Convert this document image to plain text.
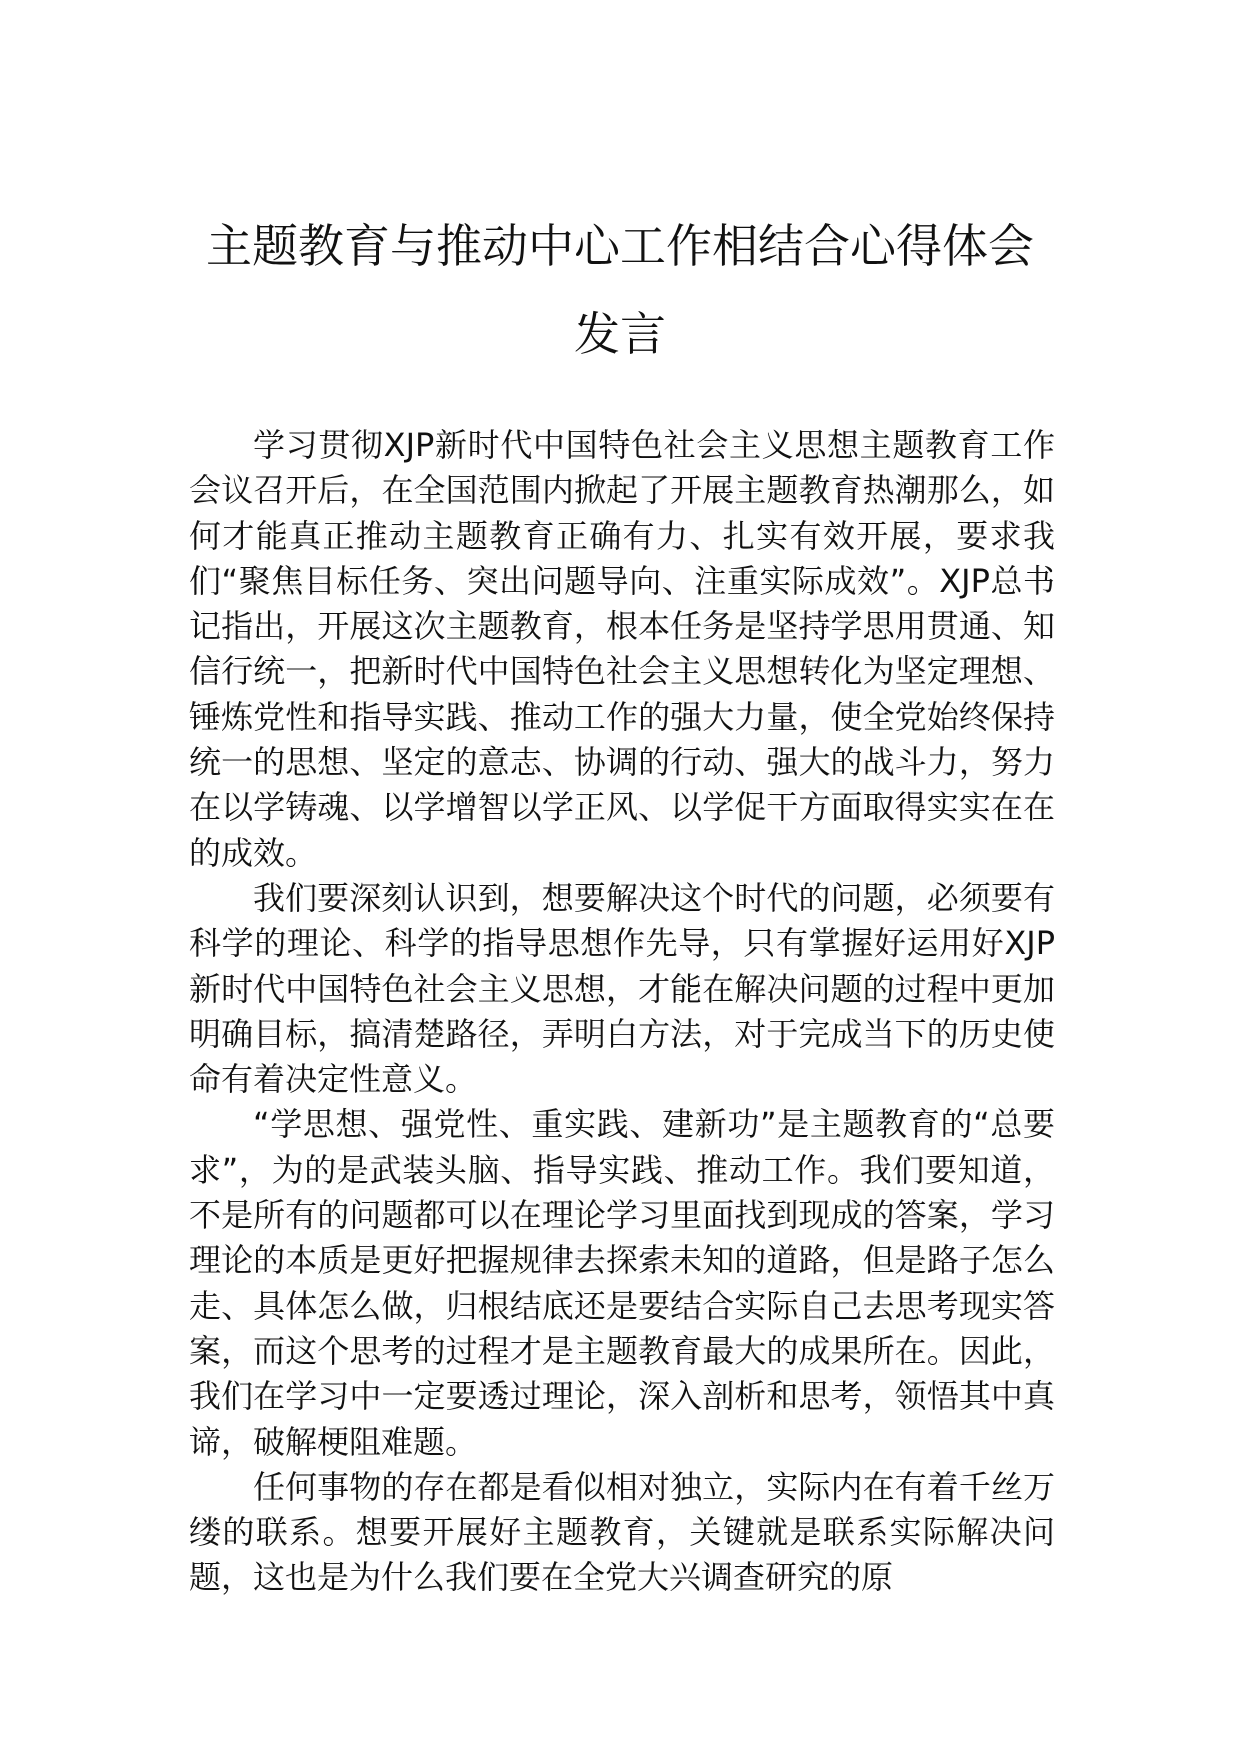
主题教育与推动中心工作相结合心得体会
发言

学习贯彻XJP新时代中国特色社会主义思想主题教育工作会议召开后，在全国范围内掀起了开展主题教育热潮那么，如何才能真正推动主题教育正确有力、扎实有效开展，要求我们“聚焦目标任务、突出问题导向、注重实际成效”。XJP总书记指出，开展这次主题教育，根本任务是坚持学思用贯通、知信行统一，把新时代中国特色社会主义思想转化为坚定理想、锤炼党性和指导实践、推动工作的强大力量，使全党始终保持统一的思想、坚定的意志、协调的行动、强大的战斗力，努力在以学铸魂、以学增智以学正风、以学促干方面取得实实在在的成效。

我们要深刻认识到，想要解决这个时代的问题，必须要有科学的理论、科学的指导思想作先导，只有掌握好运用好XJP新时代中国特色社会主义思想，才能在解决问题的过程中更加明确目标，搞清楚路径，弄明白方法，对于完成当下的历史使命有着决定性意义。

“学思想、强党性、重实践、建新功”是主题教育的“总要求”，为的是武装头脑、指导实践、推动工作。我们要知道，不是所有的问题都可以在理论学习里面找到现成的答案，学习理论的本质是更好把握规律去探索未知的道路，但是路子怎么走、具体怎么做，归根结底还是要结合实际自己去思考现实答案，而这个思考的过程才是主题教育最大的成果所在。因此，我们在学习中一定要透过理论，深入剖析和思考，领悟其中真谛，破解梗阻难题。

任何事物的存在都是看似相对独立，实际内在有着千丝万缕的联系。想要开展好主题教育，关键就是联系实际解决问题，这也是为什么我们要在全党大兴调查研究的原
